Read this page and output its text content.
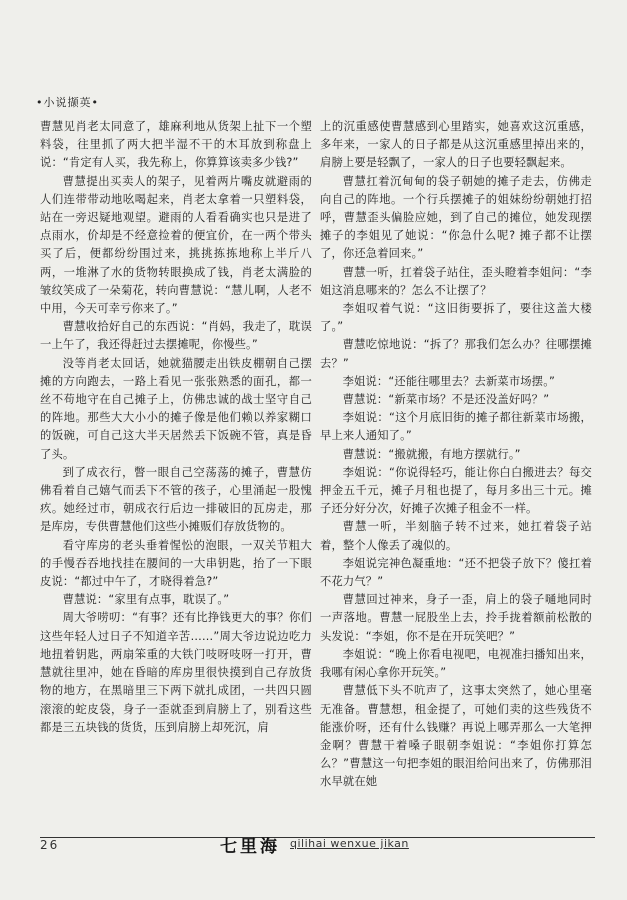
•小说撷英•

曹慧见肖老太同意了，雄麻利地从货架上扯下一个塑料袋，往里抓了两大把半湿不干的木耳放到称盘上说：“肯定有人买，我先称上，你算算该卖多少钱?”

曹慧提出买卖人的架子，见着两片嘴皮就避雨的人们连带带动地吆喝起来，肖老太拿着一只塑料袋，站在一旁迟疑地观望。避雨的人看看确实也只是进了点雨水，价却是不经意捡着的便宜价，在一两个带头买了后，便都纷纷围过来，挑挑拣拣地称上半斤八两，一堆淋了水的货物转眼换成了钱，肖老太满脸的皱纹笑成了一朵菊花，转向曹慧说：“慧儿啊，人老不中用，今天可幸亏你来了。”

曹慧收拾好自己的东西说：“肖妈，我走了，耽误一上午了，我还得赶过去摆摊呢，你慢些。”

没等肖老太回话，她就猫腰走出铁皮棚朝自己摆摊的方向跑去，一路上看见一张张熟悉的面孔，都一丝不苟地守在自己摊子上，仿佛忠诚的战士坚守自己的阵地。那些大大小小的摊子像是他们赖以养家糊口的饭碗，可自己这大半天居然丢下饭碗不管，真是昏了头。

到了成衣行，瞥一眼自己空荡荡的摊子，曹慧仿佛看着自己嬉气而丢下不管的孩子，心里涌起一股愧疚。她经过市，朝成衣行后边一排破旧的瓦房走，那是库房，专供曹慧他们这些小摊贩们存放货物的。

看守库房的老头垂着惺忪的泡眼，一双关节粗大的手慢吞吞地找挂在腰间的一大串钥匙，抬了一下眼皮说：“都过中午了，才晓得着急?”

曹慧说：“家里有点事，耽误了。”

周大爷唠叨：“有事？还有比挣钱更大的事？你们这些年轻人过日子不知道辛苦……”周大爷边说边吃力地扭着钥匙，两扇笨重的大铁门吱呀吱呀一打开，曹慧就往里冲，她在昏暗的库房里很快摸到自己存放货物的地方，在黑暗里三下两下就扎成团，一共四只圆滚滚的蛇皮袋，身子一歪就歪到肩膀上了，别看这些都是三五块钱的货货，压到肩膀上却死沉，肩

上的沉重感使曹慧感到心里踏实，她喜欢这沉重感，多年来，一家人的日子都是从这沉重感里掉出来的，肩膀上要是轻飘了，一家人的日子也要轻飘起来。

曹慧扛着沉甸甸的袋子朝她的摊子走去，仿佛走向自己的阵地。一个行兵摆摊子的姐妹纷纷朝她打招呼，曹慧歪头偏脸应她，到了自己的摊位，她发现摆摊子的李姐见了她说：“你急什么呢? 摊子都不让摆了，你还急着回来。”

曹慧一听，扛着袋子站住，歪头瞪着李姐问：“李姐这消息哪来的？怎么不让摆了？

李姐叹着气说：“这旧街要拆了，要往这盖大楼了。”

曹慧吃惊地说：“拆了？那我们怎么办？往哪摆摊去？”

李姐说：“还能往哪里去？去新菜市场摆。”

曹慧说：“新菜市场？不是还没盖好吗？”

李姐说：“这个月底旧街的摊子都往新菜市场搬，早上来人通知了。”

曹慧说：“搬就搬，有地方摆就行。”

李姐说：“你说得轻巧，能让你白白搬进去？每交押金五千元，摊子月租也提了，每月多出三十元。摊子还分好分次，好摊子次摊子租金不一样。

曹慧一听，半刻脑子转不过来，她扛着袋子站着，整个人像丢了魂似的。

李姐说完神色凝重地：“还不把袋子放下？傻扛着不花力气？”

曹慧回过神来，身子一歪，肩上的袋子嗵地同时一声落地。曹慧一屁股坐上去，拎手拢着额前松散的头发说：“李姐，你不是在开玩笑吧？”

李姐说：“晚上你看电视吧，电视准扫播知出来，我哪有闲心拿你开玩笑。”

曹慧低下头不吭声了，这事太突然了，她心里毫无准备。曹慧想，租金提了，可她们卖的这些残货不能涨价呀，还有什么钱赚？再说上哪弄那么一大笔押金啊？曹慧干着嗓子眼朝李姐说：“李姐你打算怎么？”曹慧这一句把李姐的眼泪给问出来了，仿佛那泪水早就在她

26	七里海 qilihai wenxue jikan
